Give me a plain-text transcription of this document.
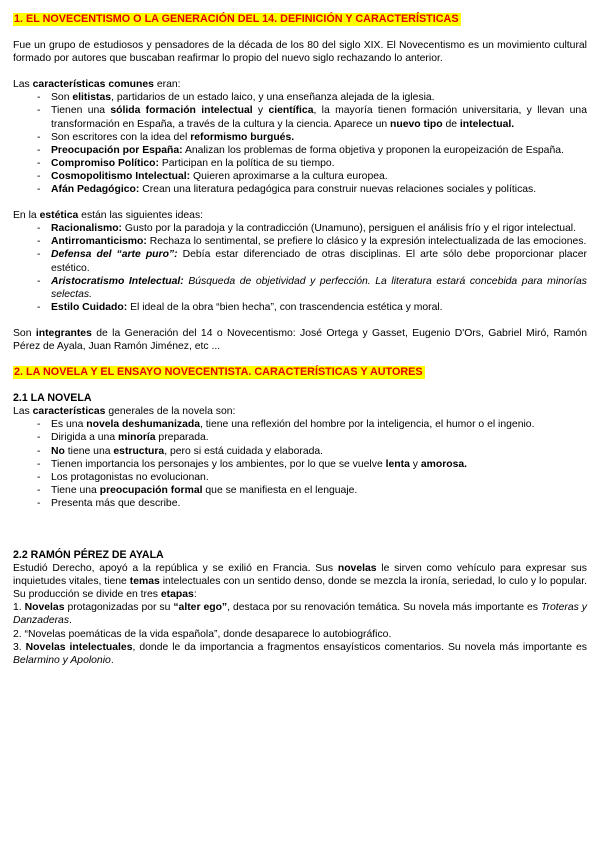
1. EL NOVECENTISMO O LA GENERACIÓN DEL 14. DEFINICIÓN Y CARACTERÍSTICAS

Fue un grupo de estudiosos y pensadores de la década de los 80 del siglo XIX. El Novecentismo es un movimiento cultural formado por autores que buscaban reafirmar lo propio del nuevo siglo rechazando lo anterior.

Las características comunes eran:

- Son elitistas, partidarios de un estado laico, y una enseñanza alejada de la iglesia.
- Tienen una sólida formación intelectual y científica, la mayoría tienen formación universitaria, y llevan una transformación en España, a través de la cultura y la ciencia. Aparece un nuevo tipo de intelectual.
- Son escritores con la idea del reformismo burgués.
- Preocupación por España: Analizan los problemas de forma objetiva y proponen la europeización de España.
- Compromiso Político: Participan en la política de su tiempo.
- Cosmopolitismo Intelectual: Quieren aproximarse a la cultura europea.
- Afán Pedagógico: Crean una literatura pedagógica para construir nuevas relaciones sociales y políticas.

En la estética están las siguientes ideas:

- Racionalismo: Gusto por la paradoja y la contradicción (Unamuno), persiguen el análisis frío y el rigor intelectual.
- Antirromanticismo: Rechaza lo sentimental, se prefiere lo clásico y la expresión intelectualizada de las emociones.
- Defensa del “arte puro”: Debía estar diferenciado de otras disciplinas. El arte sólo debe proporcionar placer estético.
- Aristocratismo Intelectual: Búsqueda de objetividad y perfección. La literatura estará concebida para minorías selectas.
- Estilo Cuidado: El ideal de la obra “bien hecha”, con trascendencia estética y moral.

Son integrantes de la Generación del 14 o Novecentismo: José Ortega y Gasset, Eugenio D'Ors, Gabriel Miró, Ramón Pérez de Ayala, Juan Ramón Jiménez, etc ...

2. LA NOVELA Y EL ENSAYO NOVECENTISTA. CARACTERÍSTICAS Y AUTORES
2.1 LA NOVELA

Las características generales de la novela son:

- Es una novela deshumanizada, tiene una reflexión del hombre por la inteligencia, el humor o el ingenio.
- Dirigida a una minoría preparada.
- No tiene una estructura, pero si está cuidada y elaborada.
- Tienen importancia los personajes y los ambientes, por lo que se vuelve lenta y amorosa.
- Los protagonistas no evolucionan.
- Tiene una preocupación formal que se manifiesta en el lenguaje.
- Presenta más que describe.
2.2 RAMÓN PÉREZ DE AYALA

Estudió Derecho, apoyó a la república y se exilió en Francia. Sus novelas le sirven como vehículo para expresar sus inquietudes vitales, tiene temas intelectuales con un sentido denso, donde se mezcla la ironía, seriedad, lo culo y lo popular. Su producción se divide en tres etapas:

1. Novelas protagonizadas por su “alter ego”, destaca por su renovación temática. Su novela más importante es Troteras y Danzaderas.

2. “Novelas poemáticas de la vida española”, donde desaparece lo autobiográfico.

3. Novelas intelectuales, donde le da importancia a fragmentos ensayísticos comentarios. Su novela más importante es Belarmino y Apolonio.
